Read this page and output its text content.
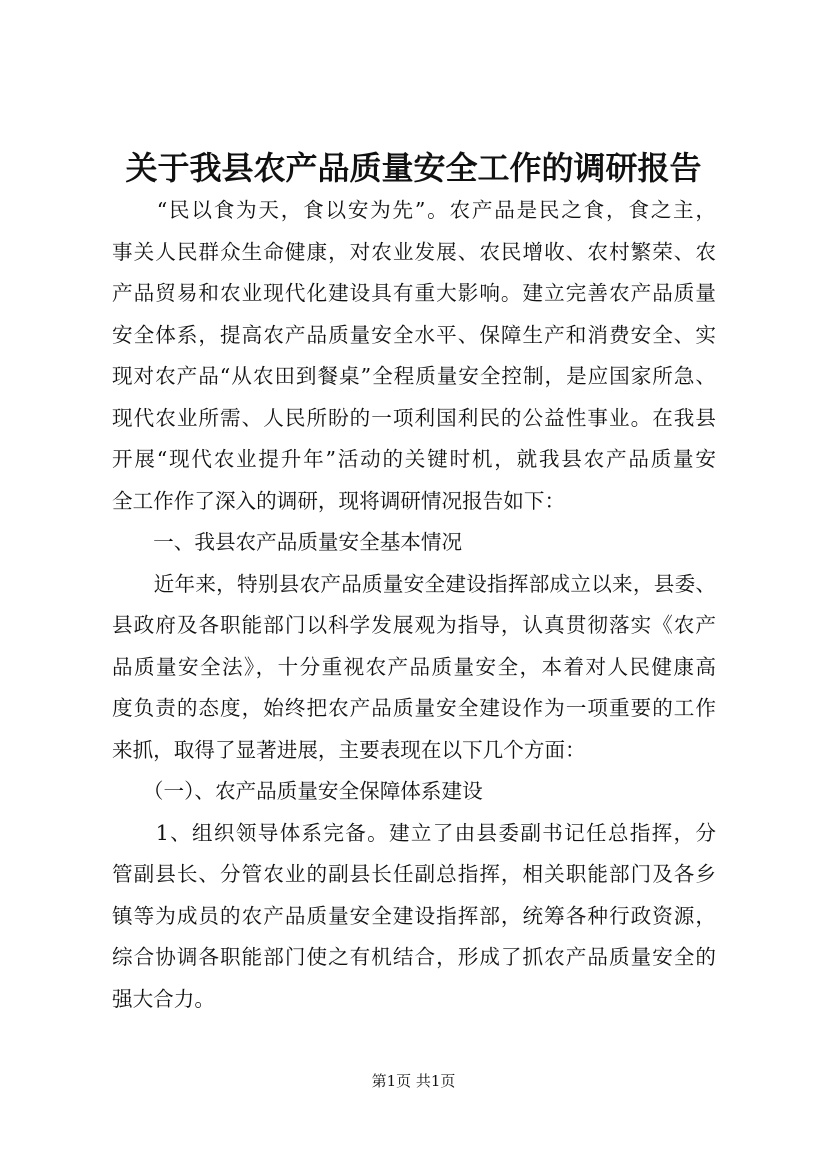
关于我县农产品质量安全工作的调研报告
　　“民以食为天，食以安为先”。农产品是民之食，食之主，
事关人民群众生命健康，对农业发展、农民增收、农村繁荣、农
产品贸易和农业现代化建设具有重大影响。建立完善农产品质量
安全体系，提高农产品质量安全水平、保障生产和消费安全、实
现对农产品“从农田到餐桌”全程质量安全控制，是应国家所急、
现代农业所需、人民所盼的一项利国利民的公益性事业。在我县
开展“现代农业提升年”活动的关键时机，就我县农产品质量安
全工作作了深入的调研，现将调研情况报告如下：
　　一、我县农产品质量安全基本情况
　　近年来，特别县农产品质量安全建设指挥部成立以来，县委、
县政府及各职能部门以科学发展观为指导，认真贯彻落实《农产
品质量安全法》，十分重视农产品质量安全，本着对人民健康高
度负责的态度，始终把农产品质量安全建设作为一项重要的工作
来抓，取得了显著进展，主要表现在以下几个方面：
　　（一）、农产品质量安全保障体系建设
　　1、组织领导体系完备。建立了由县委副书记任总指挥，分
管副县长、分管农业的副县长任副总指挥，相关职能部门及各乡
镇等为成员的农产品质量安全建设指挥部，统筹各种行政资源，
综合协调各职能部门使之有机结合，形成了抓农产品质量安全的
第1页 共1页
强大合力。
